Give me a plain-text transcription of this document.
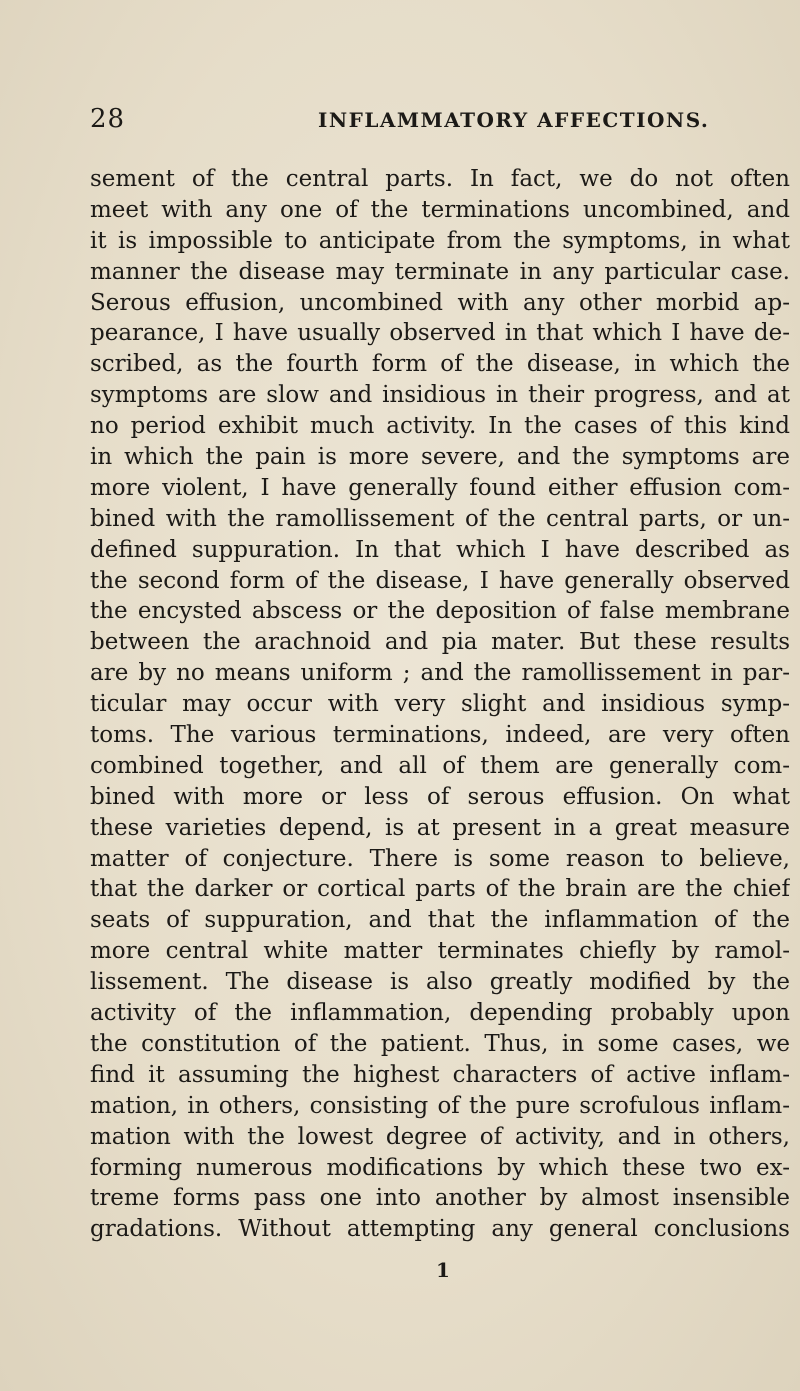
28	INFLAMMATORY AFFECTIONS.
sement of the central parts. In fact, we do not often
meet with any one of the terminations uncombined, and
it is impossible to anticipate from the symptoms, in what
manner the disease may terminate in any particular case.
Serous effusion, uncombined with any other morbid ap-
pearance, I have usually observed in that which I have de-
scribed, as the fourth form of the disease, in which the
symptoms are slow and insidious in their progress, and at
no period exhibit much activity. In the cases of this kind
in which the pain is more severe, and the symptoms are
more violent, I have generally found either effusion com-
bined with the ramollissement of the central parts, or un-
defined suppuration. In that which I have described as
the second form of the disease, I have generally observed
the encysted abscess or the deposition of false membrane
between the arachnoid and pia mater. But these results
are by no means uniform ; and the ramollissement in par-
ticular may occur with very slight and insidious symp-
toms. The various terminations, indeed, are very often
combined together, and all of them are generally com-
bined with more or less of serous effusion. On what
these varieties depend, is at present in a great measure
matter of conjecture. There is some reason to believe,
that the darker or cortical parts of the brain are the chief
seats of suppuration, and that the inflammation of the
more central white matter terminates chiefly by ramol-
lissement. The disease is also greatly modified by the
activity of the inflammation, depending probably upon
the constitution of the patient. Thus, in some cases, we
find it assuming the highest characters of active inflam-
mation, in others, consisting of the pure scrofulous inflam-
mation with the lowest degree of activity, and in others,
forming numerous modifications by which these two ex-
treme forms pass one into another by almost insensible
gradations. Without attempting any general conclusions
1
